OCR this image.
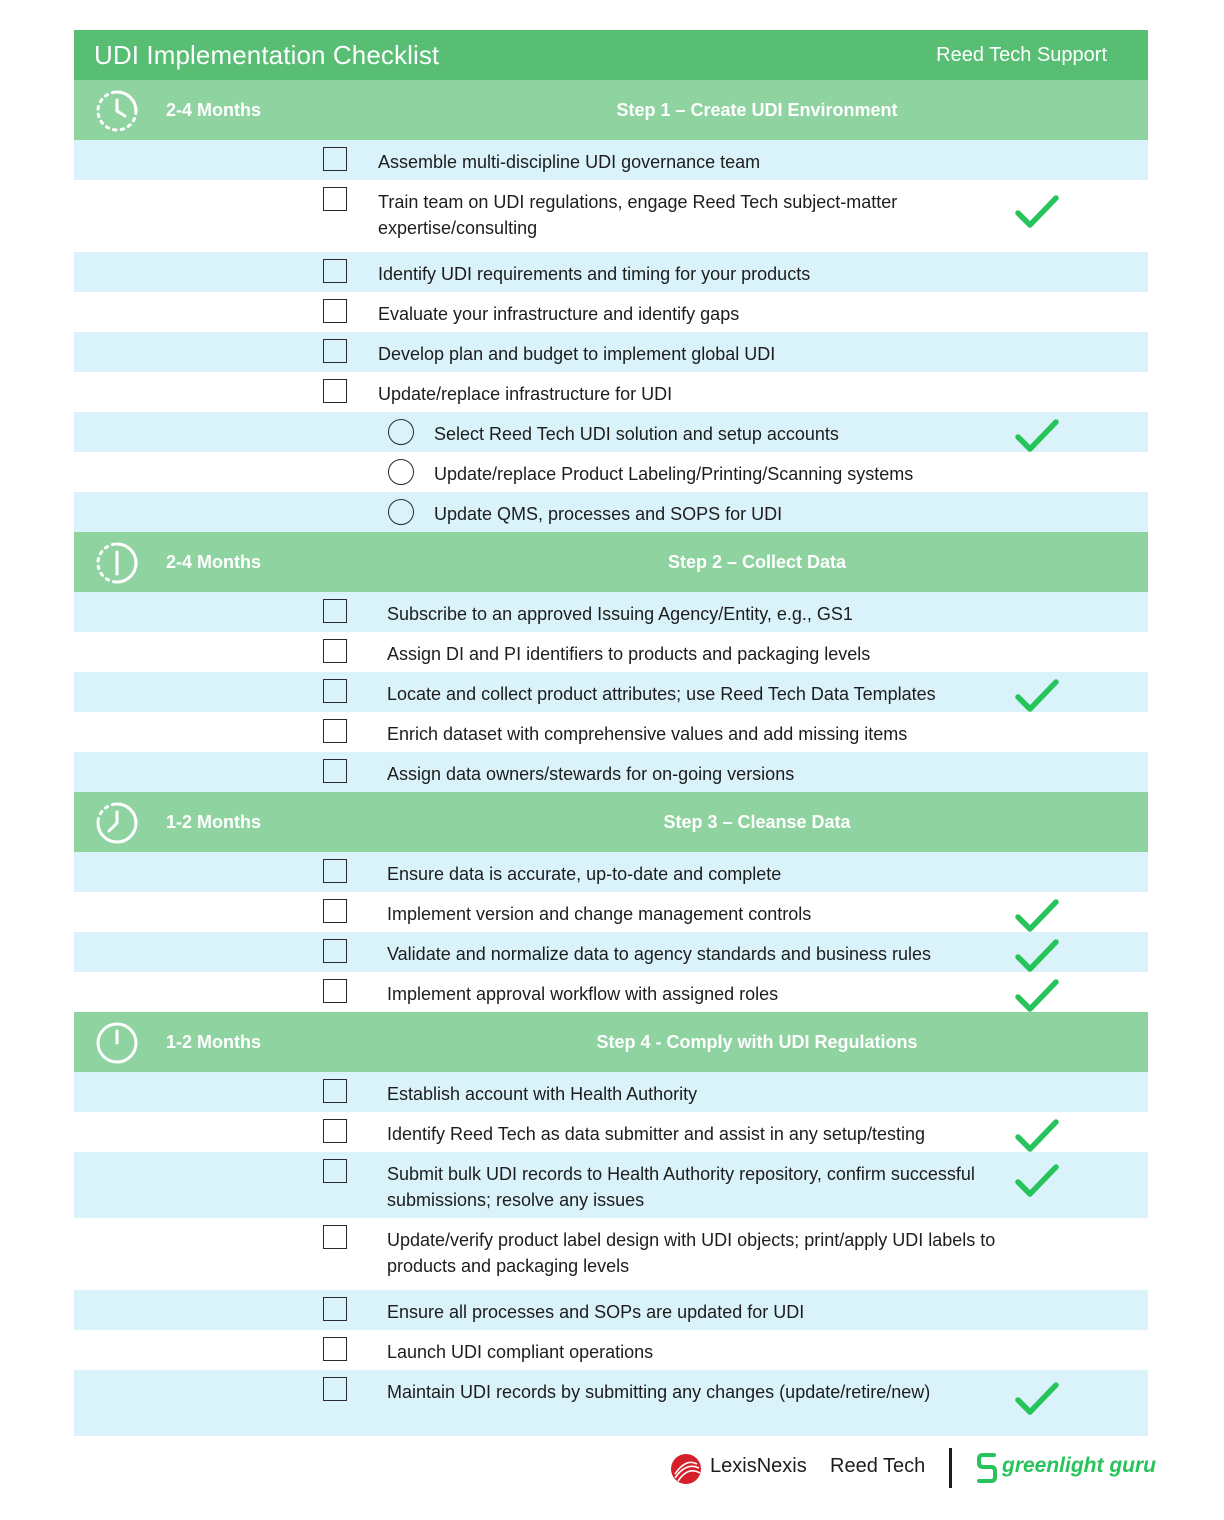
UDI Implementation Checklist	Reed Tech Support
2-4 Months	Step 1 – Create UDI Environment
Assemble multi-discipline UDI governance team
Train team on UDI regulations, engage Reed Tech subject-matter expertise/consulting
Identify UDI requirements and timing for your products
Evaluate your infrastructure and identify gaps
Develop plan and budget to implement global UDI
Update/replace infrastructure for UDI
Select Reed Tech UDI solution and setup accounts
Update/replace Product Labeling/Printing/Scanning systems
Update QMS, processes and SOPS for UDI
2-4 Months	Step 2 – Collect Data
Subscribe to an approved Issuing Agency/Entity, e.g., GS1
Assign DI and PI identifiers to products and packaging levels
Locate and collect product attributes; use Reed Tech Data Templates
Enrich dataset with comprehensive values and add missing items
Assign data owners/stewards for on-going versions
1-2 Months	Step 3 – Cleanse Data
Ensure data is accurate, up-to-date and complete
Implement version and change management controls
Validate and normalize data to agency standards and business rules
Implement approval workflow with assigned roles
1-2 Months	Step 4 - Comply with UDI Regulations
Establish account with Health Authority
Identify Reed Tech as data submitter and assist in any setup/testing
Submit bulk UDI records to Health Authority repository, confirm successful submissions; resolve any issues
Update/verify product label design with UDI objects; print/apply UDI labels to products and packaging levels
Ensure all processes and SOPs are updated for UDI
Launch UDI compliant operations
Maintain UDI records by submitting any changes (update/retire/new)
LexisNexis Reed Tech	greenlight guru
